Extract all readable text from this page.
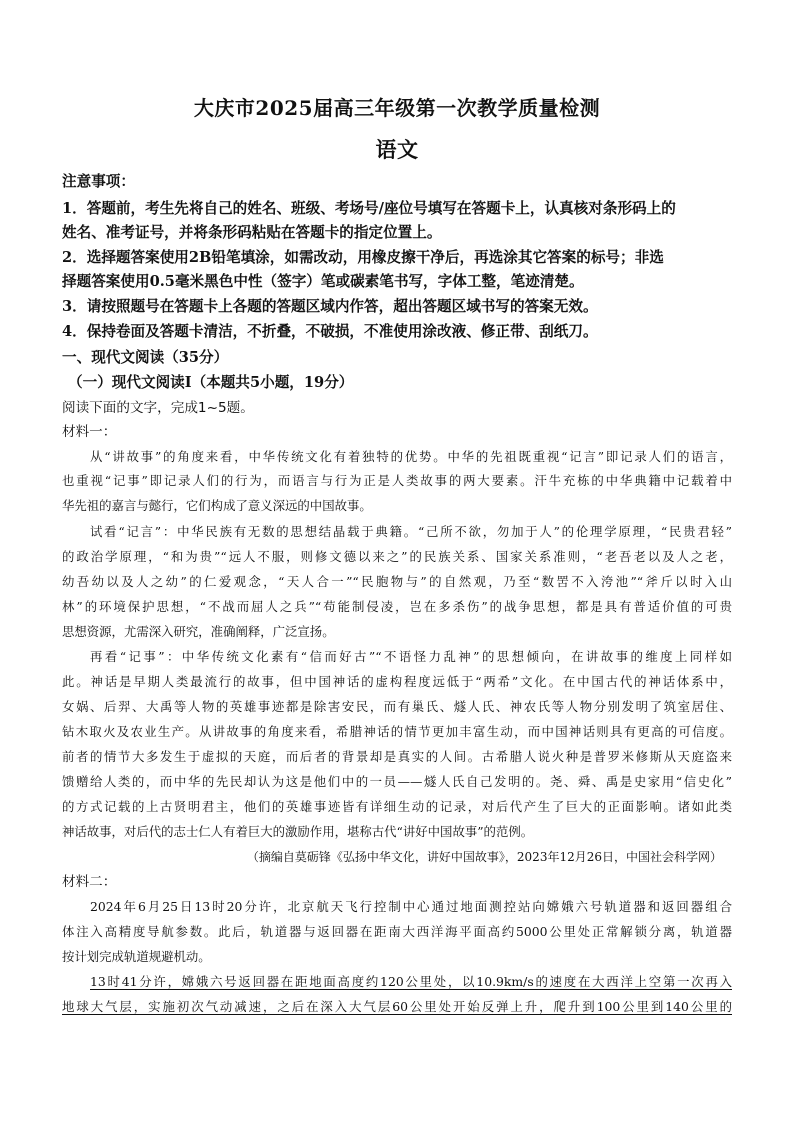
大庆市2025届高三年级第一次教学质量检测
语文
注意事项：
1．答题前，考生先将自己的姓名、班级、考场号/座位号填写在答题卡上，认真核对条形码上的
姓名、准考证号，并将条形码粘贴在答题卡的指定位置上。
2．选择题答案使用2B铅笔填涂，如需改动，用橡皮擦干净后，再选涂其它答案的标号；非选
择题答案使用0.5毫米黑色中性（签字）笔或碳素笔书写，字体工整，笔迹清楚。
3．请按照题号在答题卡上各题的答题区域内作答，超出答题区域书写的答案无效。
4．保持卷面及答题卡清洁，不折叠，不破损，不准使用涂改液、修正带、刮纸刀。
一、现代文阅读（35分）
（一）现代文阅读Ⅰ（本题共5小题，19分）
阅读下面的文字，完成1~5题。
材料一：
从“讲故事”的角度来看，中华传统文化有着独特的优势。中华的先祖既重视“记言”即记录人们的语言，
也重视“记事”即记录人们的行为，而语言与行为正是人类故事的两大要素。汗牛充栋的中华典籍中记载着中
华先祖的嘉言与懿行，它们构成了意义深远的中国故事。
试看“记言”：中华民族有无数的思想结晶载于典籍。“己所不欲，勿加于人”的伦理学原理，“民贵君轻”
的政治学原理，“和为贵”“远人不服，则修文德以来之”的民族关系、国家关系准则，“老吾老以及人之老，
幼吾幼以及人之幼”的仁爱观念，“天人合一”“民胞物与”的自然观，乃至“数罟不入洿池”“斧斤以时入山
林”的环境保护思想，“不战而屈人之兵”“苟能制侵凌，岂在多杀伤”的战争思想，都是具有普适价值的可贵
思想资源，尤需深入研究，准确阐释，广泛宣扬。
再看“记事”：中华传统文化素有“信而好古”“不语怪力乱神”的思想倾向，在讲故事的维度上同样如
此。神话是早期人类最流行的故事，但中国神话的虚构程度远低于“两希”文化。在中国古代的神话体系中，
女娲、后羿、大禹等人物的英雄事迹都是除害安民，而有巢氏、燧人氏、神农氏等人物分别发明了筑室居住、
钻木取火及农业生产。从讲故事的角度来看，希腊神话的情节更加丰富生动，而中国神话则具有更高的可信度。
前者的情节大多发生于虚拟的天庭，而后者的背景却是真实的人间。古希腊人说火种是普罗米修斯从天庭盗来
馈赠给人类的，而中华的先民却认为这是他们中的一员——燧人氏自己发明的。尧、舜、禹是史家用“信史化”
的方式记载的上古贤明君主，他们的英雄事迹皆有详细生动的记录，对后代产生了巨大的正面影响。诸如此类
神话故事，对后代的志士仁人有着巨大的激励作用，堪称古代“讲好中国故事”的范例。
（摘编自莫砺锋《弘扬中华文化，讲好中国故事》，2023年12月26日，中国社会科学网）
材料二：
2024年6月25日13时20分许，北京航天飞行控制中心通过地面测控站向嫦娥六号轨道器和返回器组合
体注入高精度导航参数。此后，轨道器与返回器在距南大西洋海平面高约5000公里处正常解锁分离，轨道器
按计划完成轨道规避机动。
13时41分许，嫦娥六号返回器在距地面高度约120公里处，以10.9km/s的速度在大西洋上空第一次再入
地球大气层，实施初次气动减速，之后在深入大气层60公里处开始反弹上升，爬升到100公里到140公里的
